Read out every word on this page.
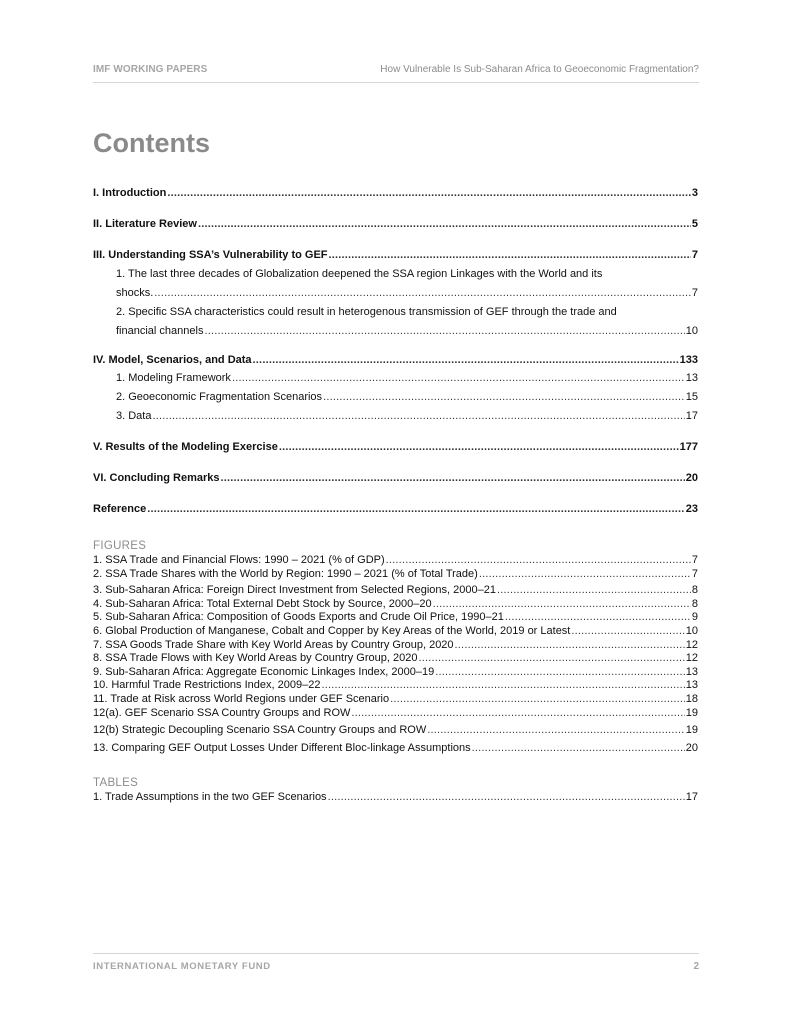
IMF WORKING PAPERS	How Vulnerable Is Sub-Saharan Africa to Geoeconomic Fragmentation?
Contents
I. Introduction .....	3
II. Literature Review .....	5
III. Understanding SSA’s Vulnerability to GEF .....	7
1. The last three decades of Globalization deepened the SSA region Linkages with the World and its
shocks. .....	7
2. Specific SSA characteristics could result in heterogenous transmission of GEF through the trade and
financial channels .....	10
IV. Model, Scenarios, and Data .....	133
1. Modeling Framework .....	13
2. Geoeconomic Fragmentation Scenarios .....	15
3. Data .....	17
V. Results of the Modeling Exercise .....	177
VI. Concluding Remarks .....	20
Reference .....	23
FIGURES
1. SSA Trade and Financial Flows: 1990 – 2021 (% of GDP) .....	7
2. SSA Trade Shares with the World by Region: 1990 – 2021 (% of Total Trade) .....	7
3. Sub-Saharan Africa: Foreign Direct Investment from Selected Regions, 2000–21 .....	8
4. Sub-Saharan Africa: Total External Debt Stock by Source, 2000–20 .....	8
5. Sub-Saharan Africa: Composition of Goods Exports and Crude Oil Price, 1990–21 .....	9
6. Global Production of Manganese, Cobalt and Copper by Key Areas of the World, 2019 or Latest .....	10
7. SSA Goods Trade Share with Key World Areas by Country Group, 2020 .....	12
8. SSA Trade Flows with Key World Areas by Country Group, 2020 .....	12
9. Sub-Saharan Africa: Aggregate Economic Linkages Index, 2000–19 .....	13
10. Harmful Trade Restrictions Index, 2009–22 .....	13
11. Trade at Risk across World Regions under GEF Scenario .....	18
12(a). GEF Scenario SSA Country Groups and ROW .....	19
12(b) Strategic Decoupling Scenario SSA Country Groups and ROW .....	19
13. Comparing GEF Output Losses Under Different Bloc-linkage Assumptions .....	20
TABLES
1. Trade Assumptions in the two GEF Scenarios .....	17
INTERNATIONAL MONETARY FUND	2
